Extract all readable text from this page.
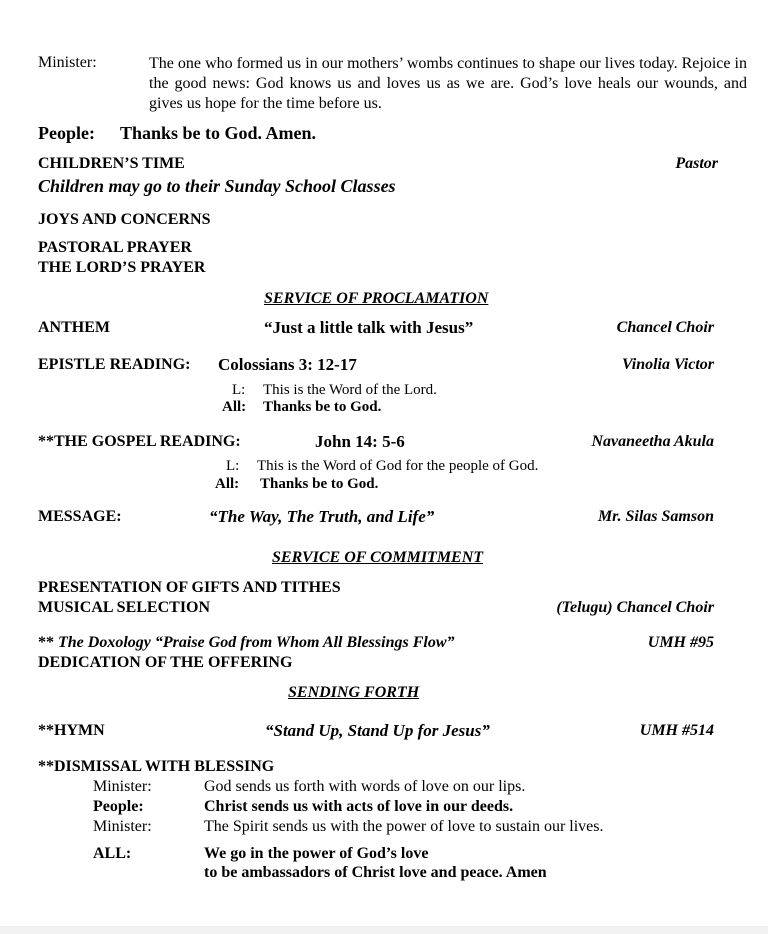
Minister:	The one who formed us in our mothers’ wombs continues to shape our lives today. Rejoice in the good news: God knows us and loves us as we are. God’s love heals our wounds, and gives us hope for the time before us.
People: Thanks be to God. Amen.
CHILDREN’S TIME	Pastor
Children may go to their Sunday School Classes
JOYS AND CONCERNS
PASTORAL PRAYER
THE LORD’S PRAYER
SERVICE OF PROCLAMATION
ANTHEM	“Just a little talk with Jesus”	Chancel Choir
EPISTLE READING: Colossians 3: 12-17	Vinolia Victor
L: This is the Word of the Lord.
All: Thanks be to God.
**THE GOSPEL READING:	John 14: 5-6	Navaneetha Akula
L: This is the Word of God for the people of God.
All: Thanks be to God.
MESSAGE:	“The Way, The Truth, and Life”	Mr. Silas Samson
SERVICE OF COMMITMENT
PRESENTATION OF GIFTS AND TITHES
MUSICAL SELECTION	(Telugu) Chancel Choir
** The Doxology “Praise God from Whom All Blessings Flow”	UMH #95
DEDICATION OF THE OFFERING
SENDING FORTH
**HYMN	“Stand Up, Stand Up for Jesus”	UMH #514
**DISMISSAL WITH BLESSING
Minister:	God sends us forth with words of love on our lips.
People:	Christ sends us with acts of love in our deeds.
Minister:	The Spirit sends us with the power of love to sustain our lives.
ALL:	We go in the power of God’s love
to be ambassadors of Christ love and peace. Amen
